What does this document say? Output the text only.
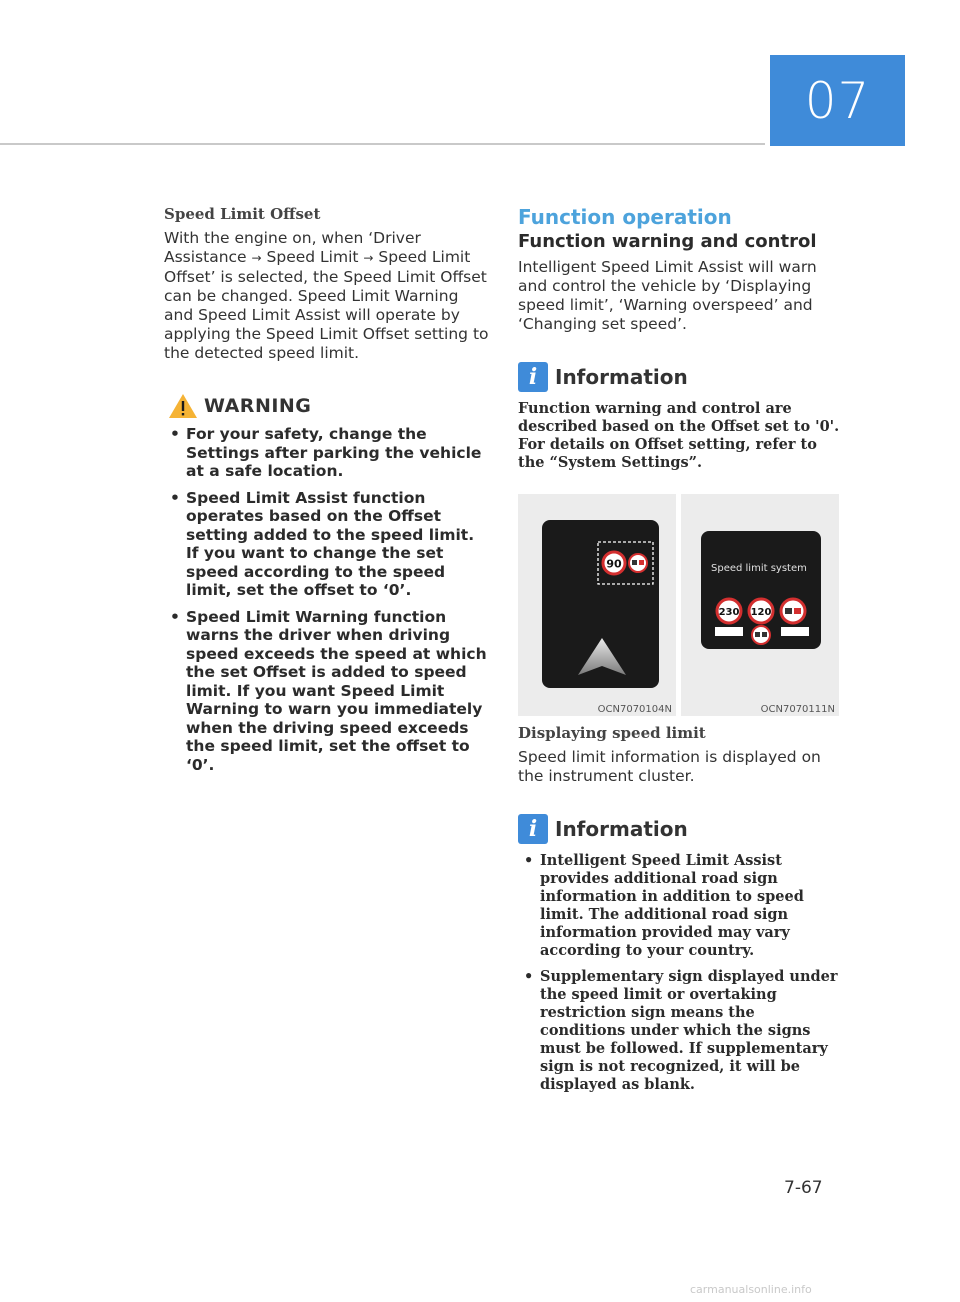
07
Speed Limit Offset

With the engine on, when ‘Driver Assistance → Speed Limit → Speed Limit Offset’ is selected, the Speed Limit Offset can be changed. Speed Limit Warning and Speed Limit Assist will operate by applying the Speed Limit Offset setting to the detected speed limit.

WARNING
• For your safety, change the Settings after parking the vehicle at a safe location.
• Speed Limit Assist function operates based on the Offset setting added to the speed limit. If you want to change the set speed according to the speed limit, set the offset to ‘0’.
• Speed Limit Warning function warns the driver when driving speed exceeds the speed at which the set Offset is added to speed limit. If you want Speed Limit Warning to warn you immediately when the driving speed exceeds the speed limit, set the offset to ‘0’.
Function operation
Function warning and control

Intelligent Speed Limit Assist will warn and control the vehicle by ‘Displaying speed limit’, ‘Warning overspeed’ and ‘Changing set speed’.

i Information

Function warning and control are described based on the Offset set to '0'. For details on Offset setting, refer to the “System Settings”.

90
OCN7070104N
Speed limit system
230 120
OCN7070111N
Displaying speed limit

Speed limit information is displayed on the instrument cluster.

i Information
• Intelligent Speed Limit Assist provides additional road sign information in addition to speed limit. The additional road sign information provided may vary according to your country.
• Supplementary sign displayed under the speed limit or overtaking restriction sign means the conditions under which the signs must be followed. If supplementary sign is not recognized, it will be displayed as blank.
7-67
carmanualsonline.info
